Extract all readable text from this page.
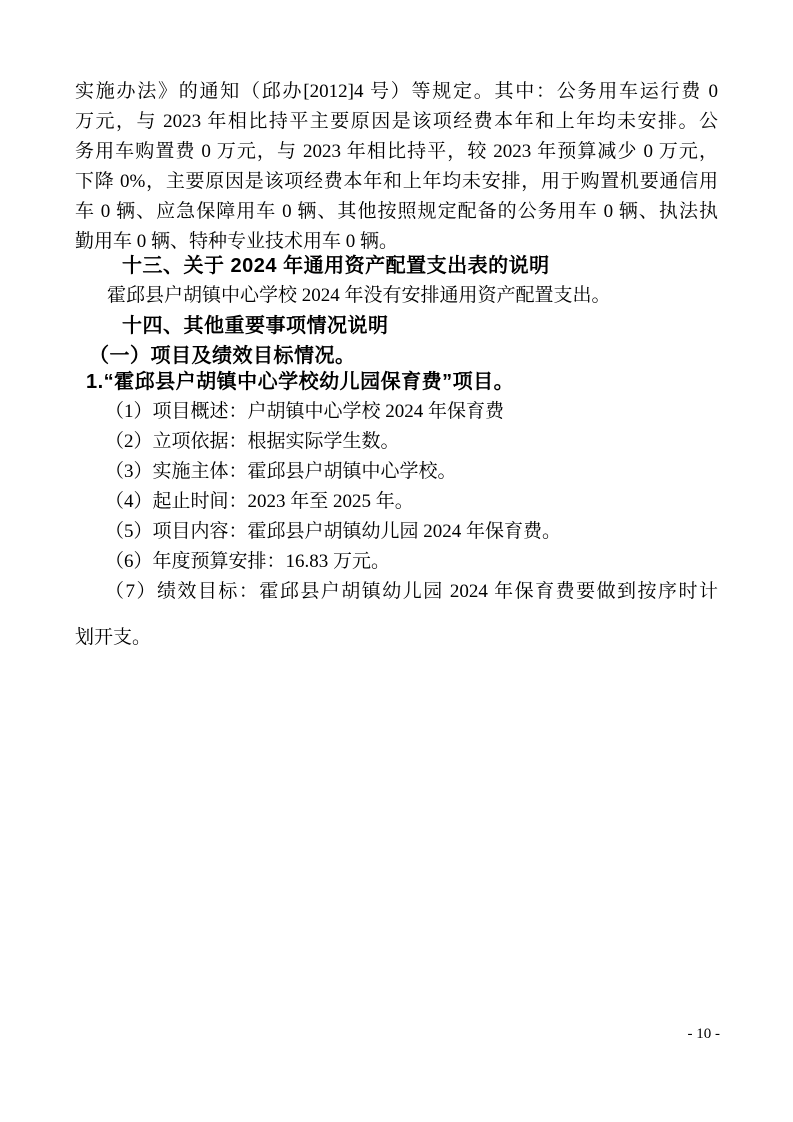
实施办法》的通知（邱办[2012]4 号）等规定。其中：公务用车运行费 0
万元，与 2023 年相比持平主要原因是该项经费本年和上年均未安排。公
务用车购置费 0 万元，与 2023 年相比持平，较 2023 年预算减少 0 万元，
下降 0%，主要原因是该项经费本年和上年均未安排，用于购置机要通信用
车 0 辆、应急保障用车 0 辆、其他按照规定配备的公务用车 0 辆、执法执
勤用车 0 辆、特种专业技术用车 0 辆。
十三、关于 2024 年通用资产配置支出表的说明
霍邱县户胡镇中心学校 2024 年没有安排通用资产配置支出。
十四、其他重要事项情况说明
（一）项目及绩效目标情况。
1.“霍邱县户胡镇中心学校幼儿园保育费”项目。
（1）项目概述：户胡镇中心学校 2024 年保育费
（2）立项依据：根据实际学生数。
（3）实施主体：霍邱县户胡镇中心学校。
（4）起止时间：2023 年至 2025 年。
（5）项目内容：霍邱县户胡镇幼儿园 2024 年保育费。
（6）年度预算安排：16.83 万元。
（7）绩效目标：霍邱县户胡镇幼儿园 2024 年保育费要做到按序时计
划开支。
- 10 -
